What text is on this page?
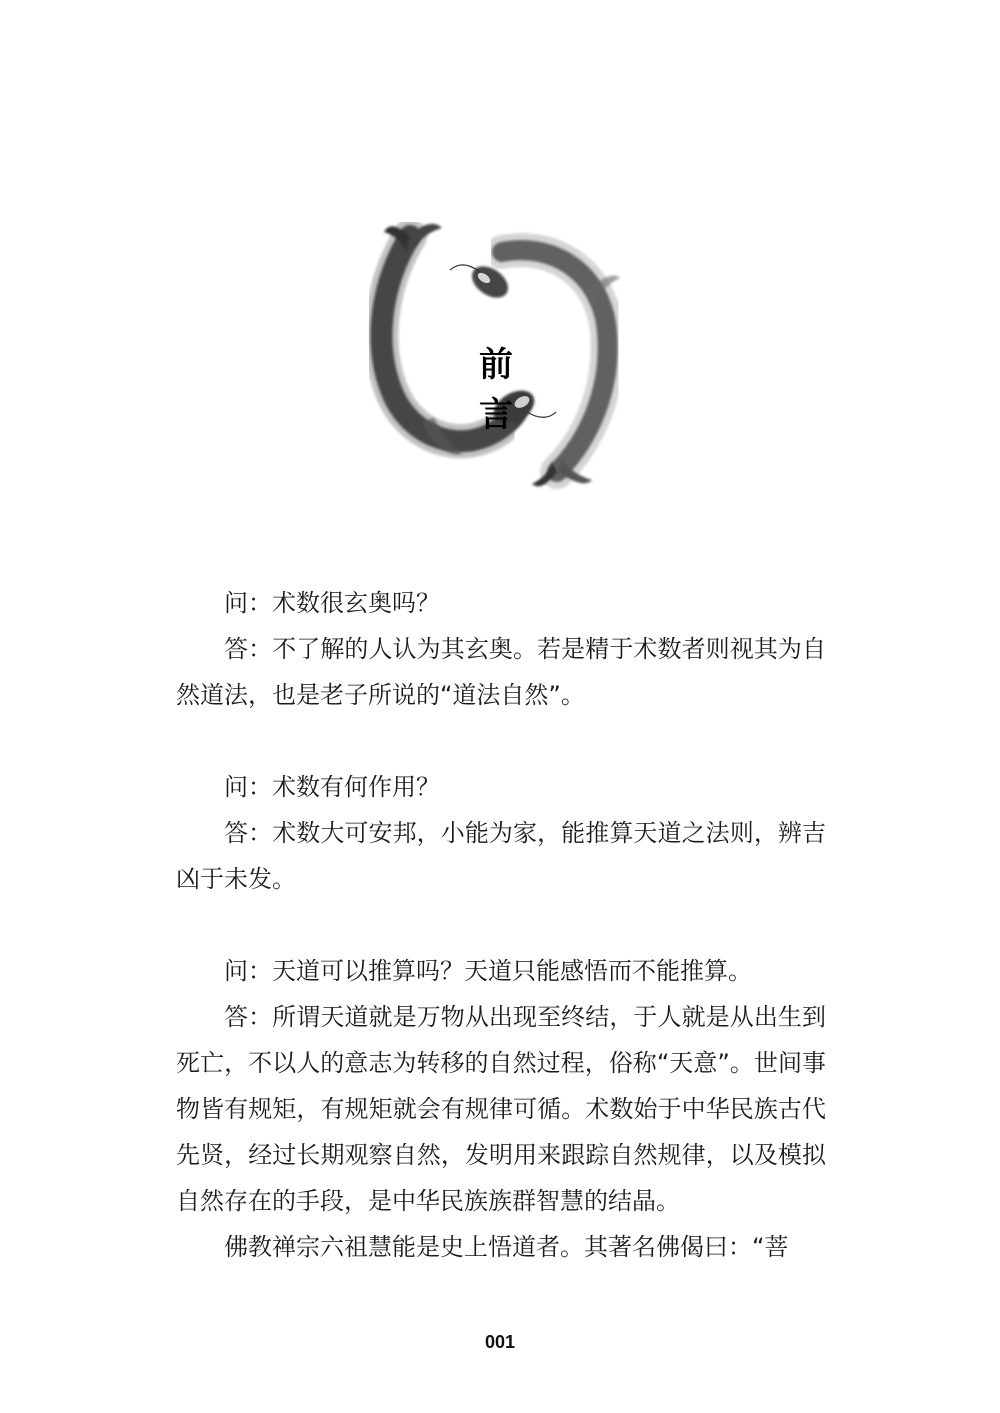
前 言

问：术数很玄奥吗？

答：不了解的人认为其玄奥。若是精于术数者则视其为自然道法，也是老子所说的“道法自然”。

问：术数有何作用？

答：术数大可安邦，小能为家，能推算天道之法则，辨吉凶于未发。

问：天道可以推算吗？天道只能感悟而不能推算。

答：所谓天道就是万物从出现至终结，于人就是从出生到死亡，不以人的意志为转移的自然过程，俗称“天意”。世间事物皆有规矩，有规矩就会有规律可循。术数始于中华民族古代先贤，经过长期观察自然，发明用来跟踪自然规律，以及模拟自然存在的手段，是中华民族族群智慧的结晶。

佛教禅宗六祖慧能是史上悟道者。其著名佛偈曰：“菩

001
